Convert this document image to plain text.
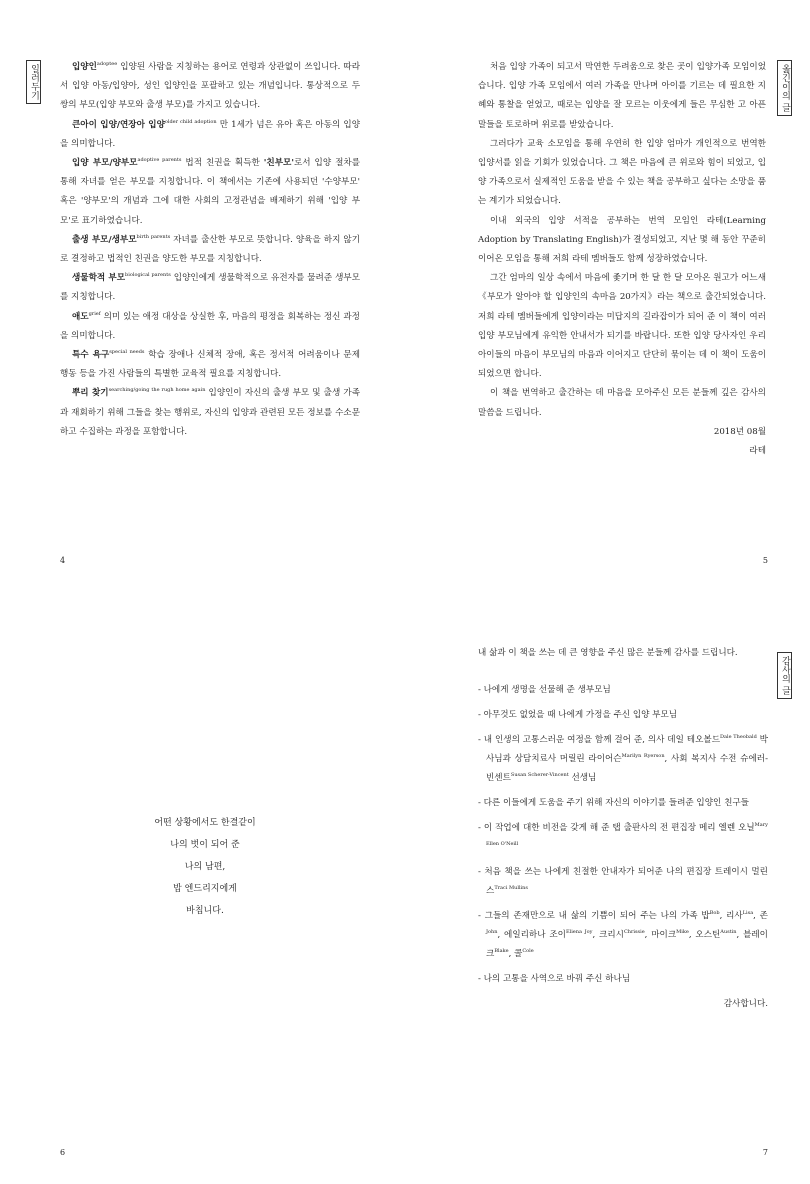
일러두기	입양인$^{adoptee}$ 입양된 사람을 지칭하는 용어로 연령과 상관없이 쓰입니다. 따라서 입양 아동/입양아, 성인 입양인을 포괄하고 있는 개념입니다. 통상적으로 두 쌍의 부모(입양 부모와 출생 부모)를 가지고 있습니다.

큰아이 입양/연장아 입양$^{older child adoption}$ 만 1세가 넘은 유아 혹은 아동의 입양을 의미합니다.

입양 부모/양부모$^{adoptive parents}$ 법적 친권을 획득한 '친부모'로서 입양 절차를 통해 자녀를 얻은 부모를 지칭합니다. 이 책에서는 기존에 사용되던 '수양부모' 혹은 '양부모'의 개념과 그에 대한 사회의 고정관념을 배제하기 위해 '입양 부모'로 표기하였습니다.

출생 부모/생부모$^{birth parents}$ 자녀를 출산한 부모로 뜻합니다. 양육을 하지 않기로 결정하고 법적인 친권을 양도한 부모를 지칭합니다.

생물학적 부모$^{biological parents}$ 입양인에게 생물학적으로 유전자를 물려준 생부모를 지칭합니다.

애도$^{grief}$ 의미 있는 애정 대상을 상실한 후, 마음의 평정을 회복하는 정신 과정을 의미합니다.

특수 욕구$^{special needs}$ 학습 장애나 신체적 장애, 혹은 정서적 어려움이나 문제 행동 등을 가진 사람들의 특별한 교육적 필요를 지칭합니다.

뿌리 찾기$^{searching/going the rugh home again}$ 입양인이 자신의 출생 부모 및 출생 가족과 재회하기 위해 그들을 찾는 행위로, 자신의 입양과 관련된 모든 정보를 수소문하고 수집하는 과정을 포함합니다.

4
옮긴이의 글

처음 입양 가족이 되고서 막연한 두려움으로 찾은 곳이 입양가족 모임이었습니다. 입양 가족 모임에서 여러 가족을 만나며 아이를 기르는 데 필요한 지혜와 통찰을 얻었고, 때로는 입양을 잘 모르는 이웃에게 들은 무심한 고 아픈 말들을 토로하며 위로를 받았습니다.

그러다가 교육 소모임을 통해 우연히 한 입양 엄마가 개인적으로 번역한 입양서를 읽을 기회가 있었습니다. 그 책은 마음에 큰 위로와 힘이 되었고, 입양 가족으로서 실제적인 도움을 받을 수 있는 책을 공부하고 싶다는 소망을 품는 계기가 되었습니다.

이내 외국의 입양 서적을 공부하는 번역 모임인 라테(Learning Adoption by Translating English)가 결성되었고, 지난 몇 해 동안 꾸준히 이어온 모임을 통해 저희 라테 멤버들도 함께 성장하였습니다.

그간 엄마의 일상 속에서 마음에 좇기며 한 달 한 달 모아온 원고가 어느새 《부모가 알아야 할 입양인의 속마음 20가지》라는 책으로 출간되었습니다. 저희 라테 멤버들에게 입양이라는 미답지의 길라잡이가 되어 준 이 책이 여러 입양 부모님에게 유익한 안내서가 되기를 바랍니다. 또한 입양 당사자인 우리 아이들의 마음이 부모님의 마음과 이어지고 단단히 묶이는 데 이 책이 도움이 되었으면 합니다.

이 책을 번역하고 출간하는 데 마음을 모아주신 모든 분들께 깊은 감사의 말씀을 드립니다.

2018년 08월

라테

5
어떤 상황에서도 한결같이
나의 벗이 되어 준
나의 남편,
밥 엔드리지에게
바칩니다.
6
감사의 글

내 삶과 이 책을 쓰는 데 큰 영향을 주신 많은 분들께 감사를 드립니다.

- 나에게 생명을 선물해 준 생부모님
- 아무것도 없었을 때 나에게 가정을 주신 입양 부모님
- 내 인생의 고통스러운 여정을 함께 걸어 준, 의사 데일 테오볼드$^{Dale Theobald}$ 박사님과 상담치료사 머릴린 라이어슨$^{Marilyn Ryerson}$, 사회 복지사 수전 슈에러-빈센트$^{Susan Scherer-Vincent}$ 선생님
- 다른 이들에게 도움을 주기 위해 자신의 이야기를 들려준 입양인 친구들
- 이 작업에 대한 비전을 갖게 해 준 탭 출판사의 전 편집장 메리 엘렌 오닐$^{Mary Ellen O'Neill}$
- 처음 책을 쓰는 나에게 친절한 안내자가 되어준 나의 편집장 트레이시 멀린스$^{Traci Mullins}$
- 그들의 존재만으로 내 삶의 기쁨이 되어 주는 나의 가족 밥$^{Bob}$, 리사$^{Lisa}$, 존$^{John}$, 에일리하나 조이$^{Eliena Joy}$, 크리시$^{Chrissie}$, 마이크$^{Mike}$, 오스틴$^{Austin}$, 블레이크$^{Blake}$, 콜$^{Cole}$
- 나의 고통을 사역으로 바꿔 주신 하나님

감사합니다.

7
